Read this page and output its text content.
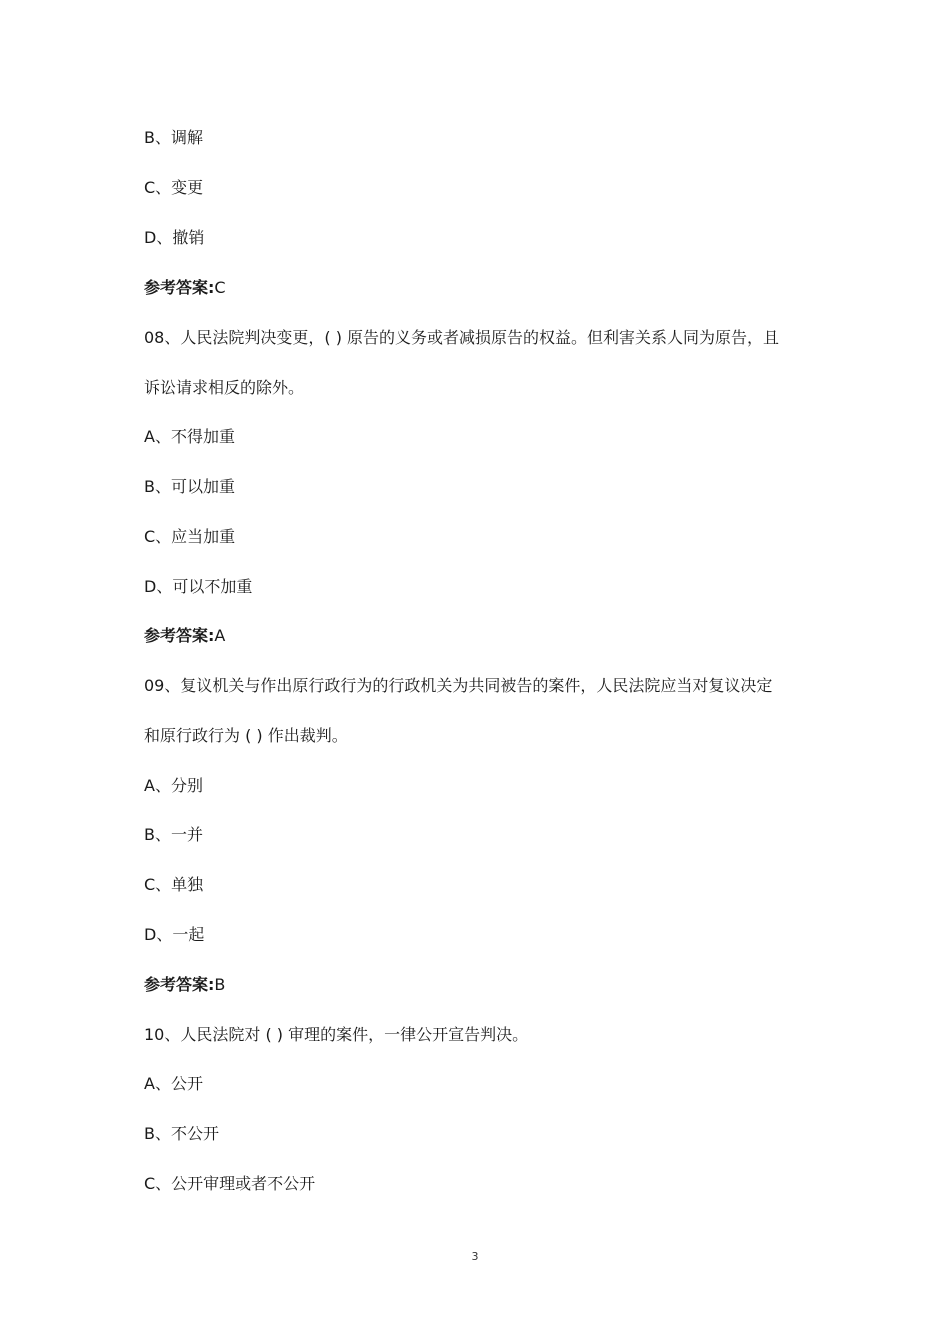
B、调解
C、变更
D、撤销
参考答案:C
08、人民法院判决变更，( ) 原告的义务或者减损原告的权益。但利害关系人同为原告，且
诉讼请求相反的除外。
A、不得加重
B、可以加重
C、应当加重
D、可以不加重
参考答案:A
09、复议机关与作出原行政行为的行政机关为共同被告的案件，人民法院应当对复议决定
和原行政行为 ( ) 作出裁判。
A、分别
B、一并
C、单独
D、一起
参考答案:B
10、人民法院对 ( ) 审理的案件，一律公开宣告判决。
A、公开
B、不公开
C、公开审理或者不公开
3
